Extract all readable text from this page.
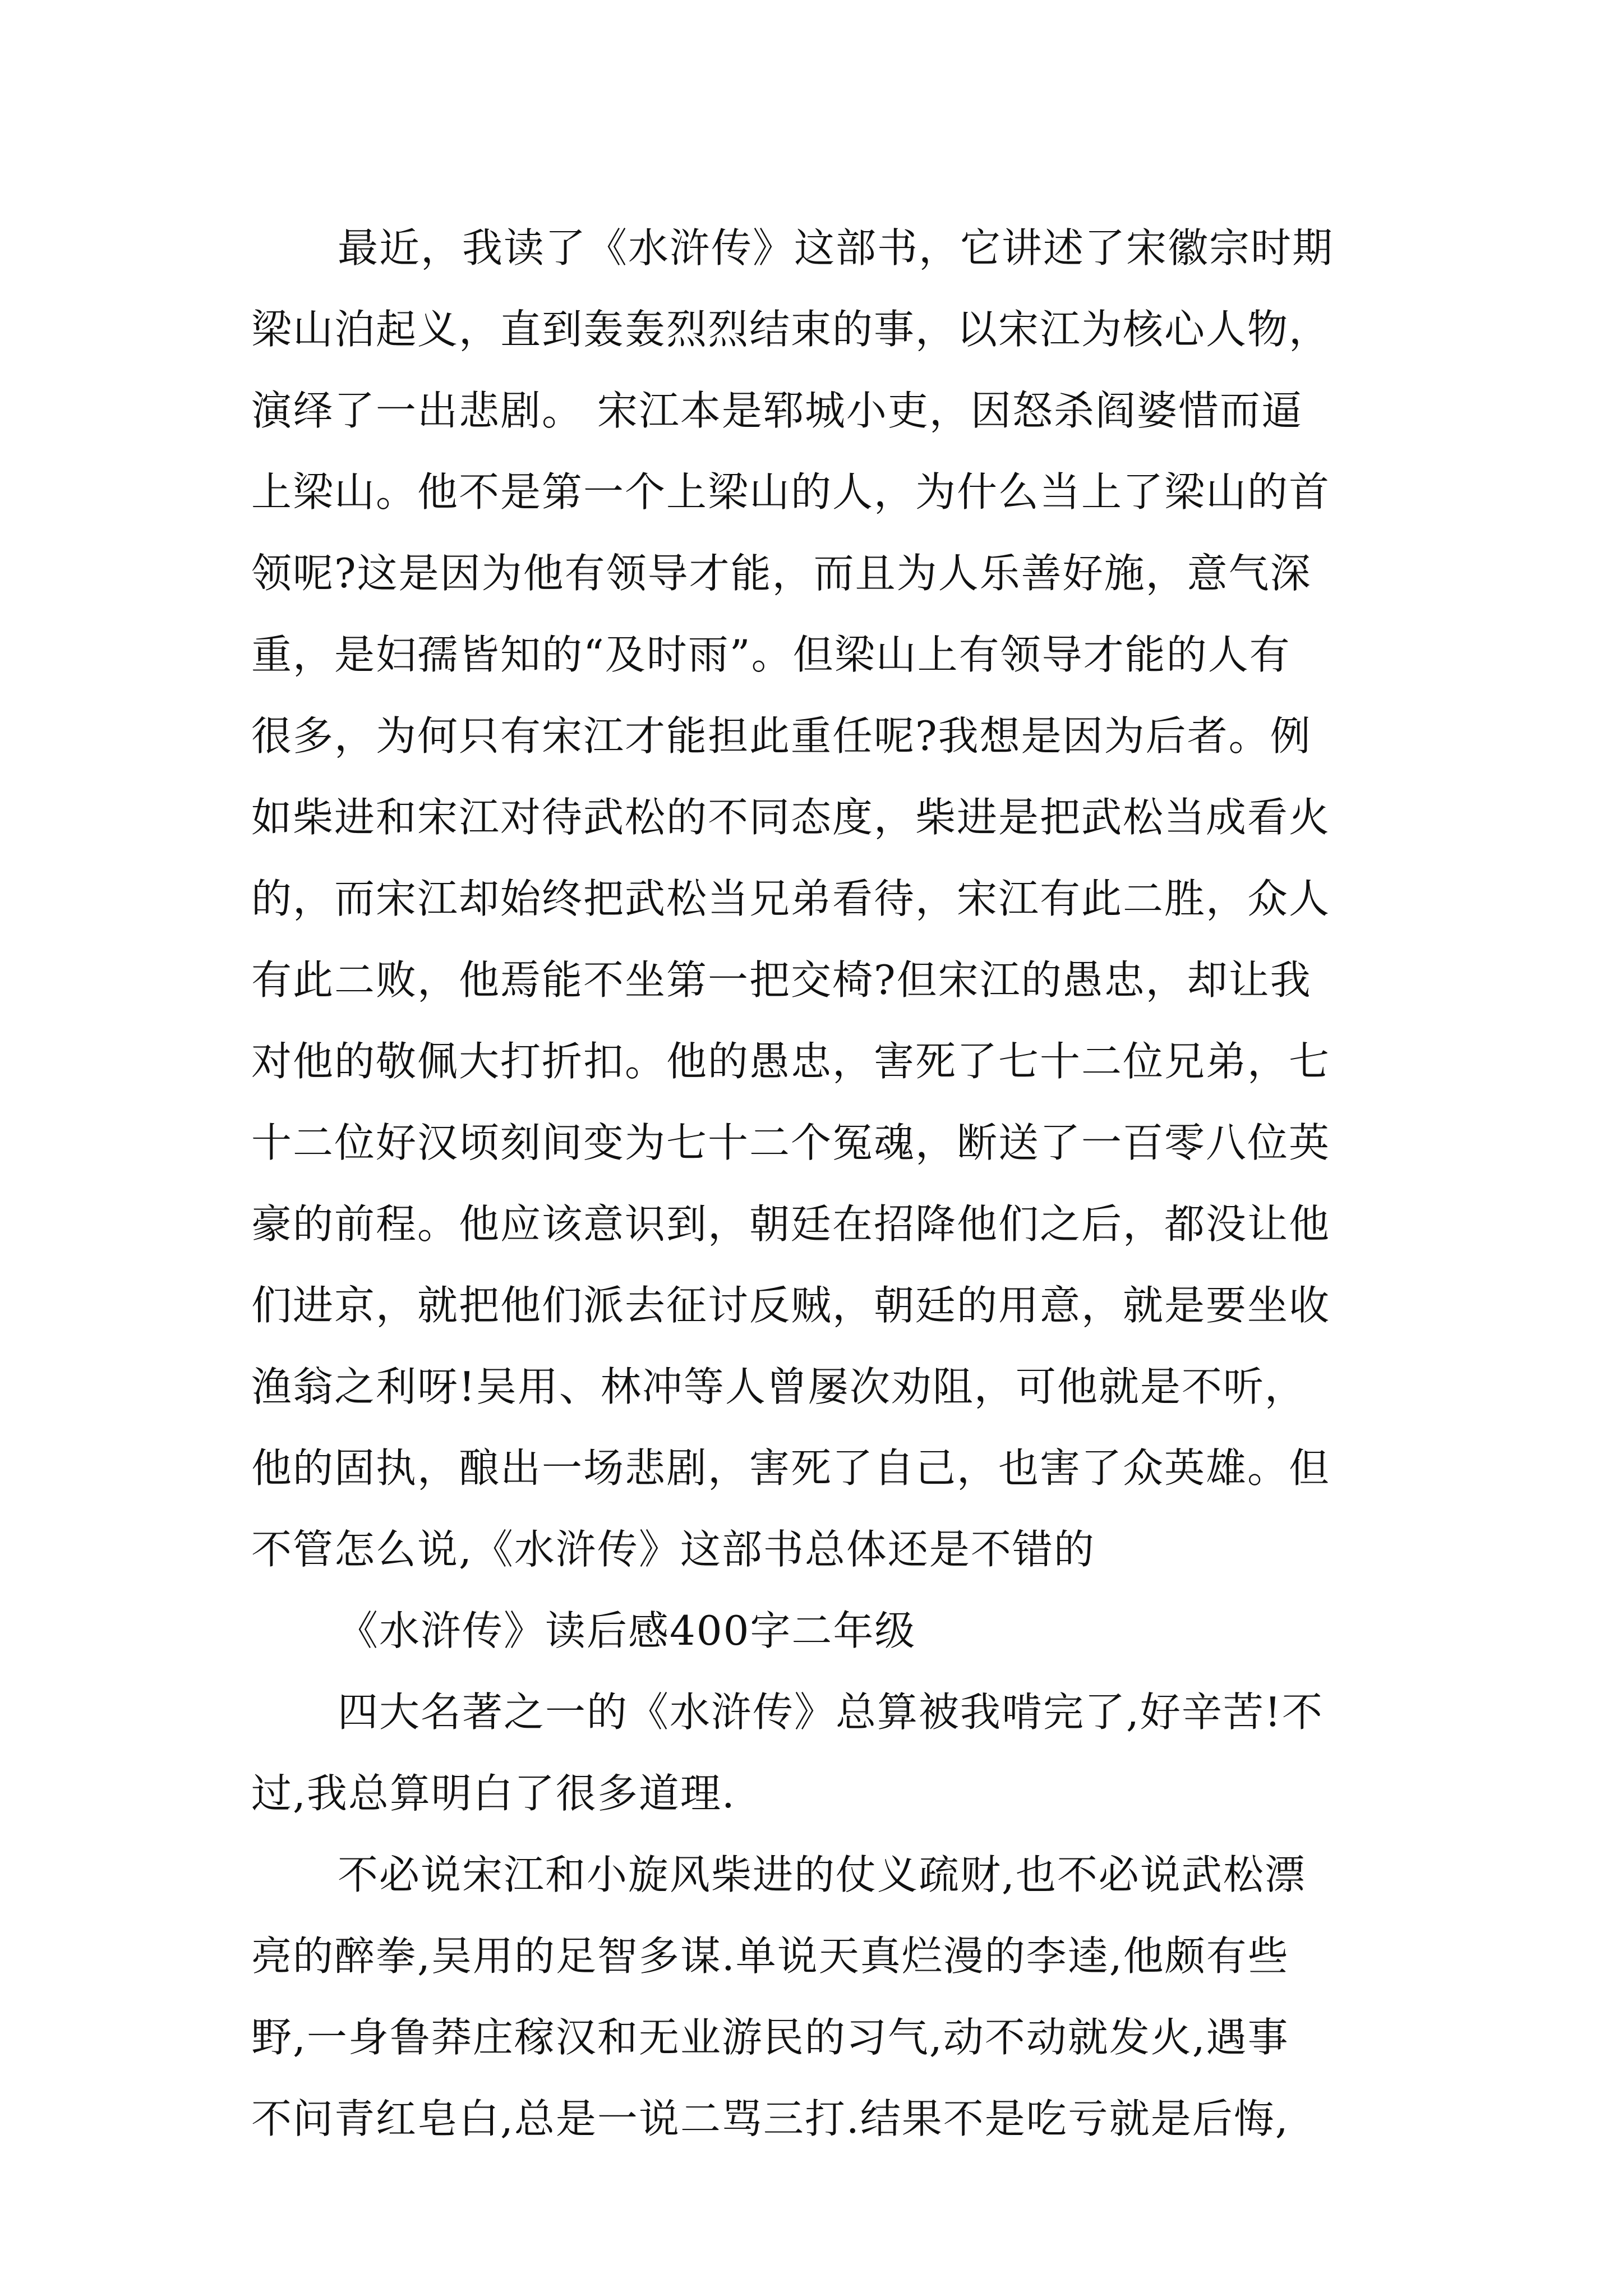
最近，我读了《水浒传》这部书，它讲述了宋徽宗时期
梁山泊起义，直到轰轰烈烈结束的事，以宋江为核心人物，
演绎了一出悲剧。 宋江本是郓城小吏，因怒杀阎婆惜而逼
上梁山。他不是第一个上梁山的人，为什么当上了梁山的首
领呢?这是因为他有领导才能，而且为人乐善好施，意气深
重，是妇孺皆知的“及时雨”。但梁山上有领导才能的人有
很多，为何只有宋江才能担此重任呢?我想是因为后者。例
如柴进和宋江对待武松的不同态度，柴进是把武松当成看火
的，而宋江却始终把武松当兄弟看待，宋江有此二胜，众人
有此二败，他焉能不坐第一把交椅?但宋江的愚忠，却让我
对他的敬佩大打折扣。他的愚忠，害死了七十二位兄弟，七
十二位好汉顷刻间变为七十二个冤魂，断送了一百零八位英
豪的前程。他应该意识到，朝廷在招降他们之后，都没让他
们进京，就把他们派去征讨反贼，朝廷的用意，就是要坐收
渔翁之利呀!吴用、林冲等人曾屡次劝阻，可他就是不听，
他的固执，酿出一场悲剧，害死了自己，也害了众英雄。但
不管怎么说,《水浒传》这部书总体还是不错的
《水浒传》读后感400字二年级
四大名著之一的《水浒传》总算被我啃完了,好辛苦!不
过,我总算明白了很多道理.
不必说宋江和小旋风柴进的仗义疏财,也不必说武松漂
亮的醉拳,吴用的足智多谋.单说天真烂漫的李逵,他颇有些
野,一身鲁莽庄稼汉和无业游民的习气,动不动就发火,遇事
不问青红皂白,总是一说二骂三打.结果不是吃亏就是后悔,
